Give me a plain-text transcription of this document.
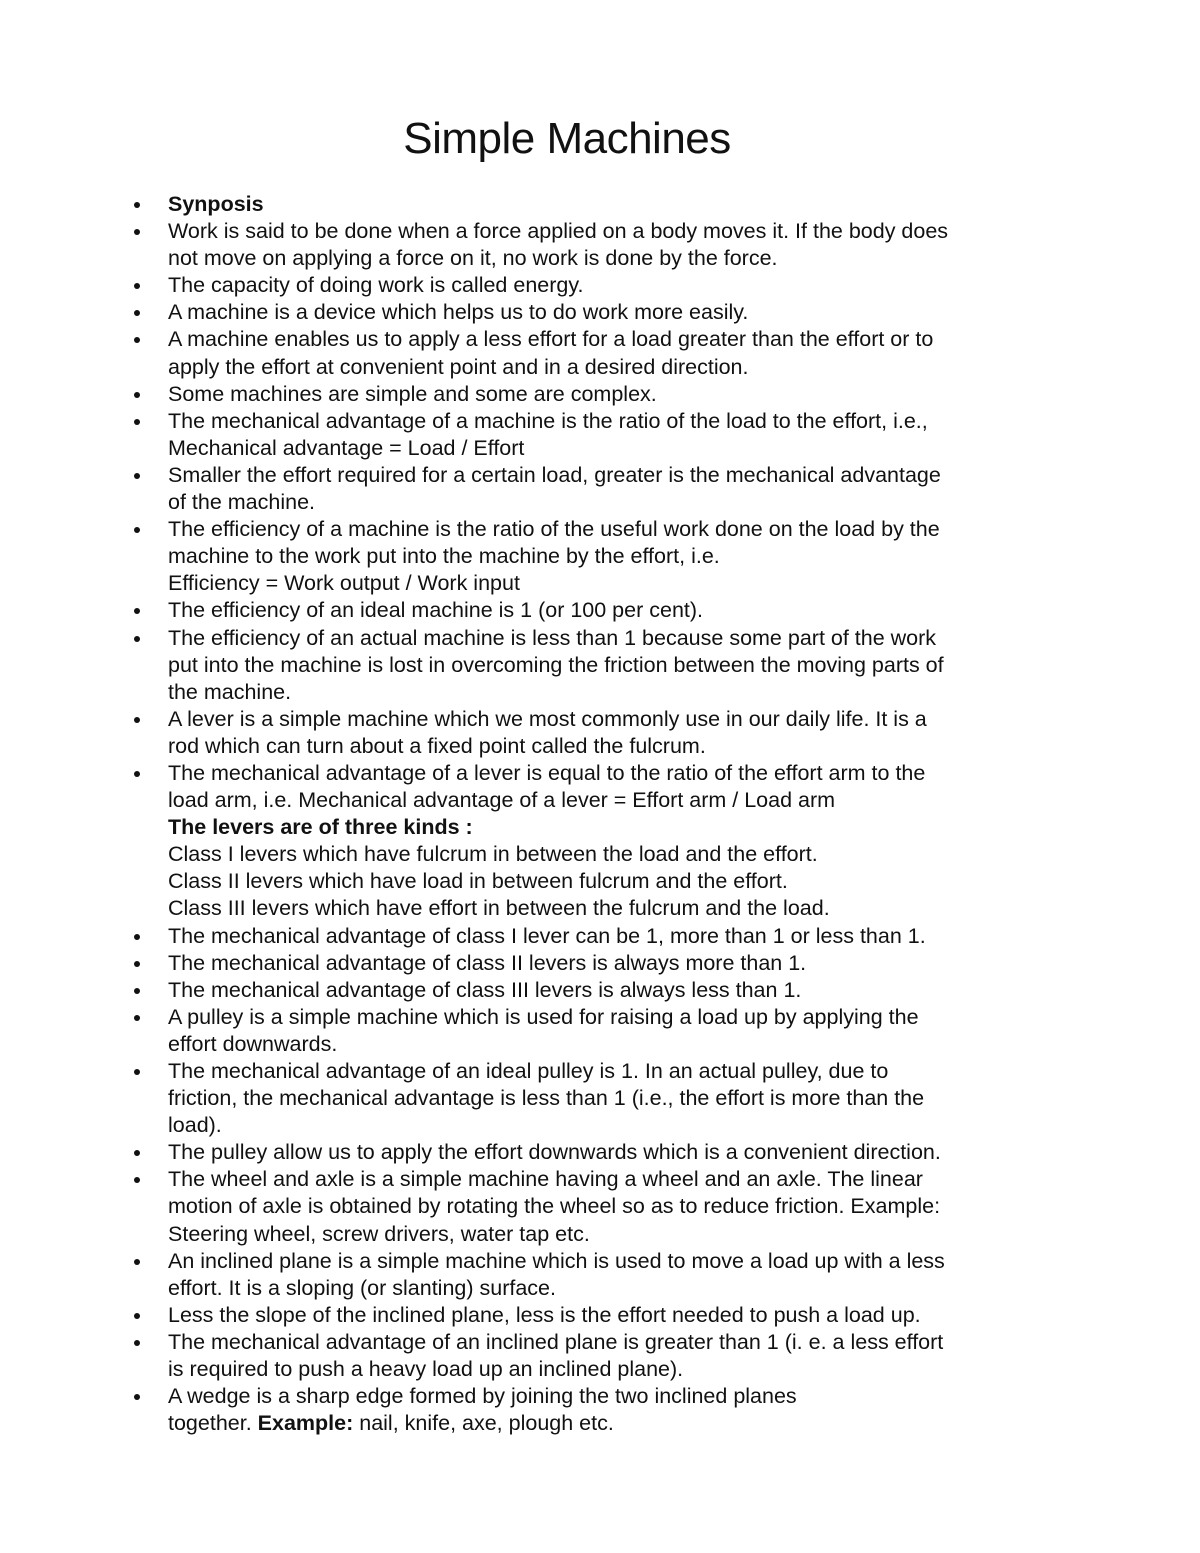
Simple Machines
Synposis
Work is said to be done when a force applied on a body moves it. If the body does
not move on applying a force on it, no work is done by the force.
The capacity of doing work is called energy.
A machine is a device which helps us to do work more easily.
A machine enables us to apply a less effort for a load greater than the effort or to
apply the effort at convenient point and in a desired direction.
Some machines are simple and some are complex.
The mechanical advantage of a machine is the ratio of the load to the effort, i.e.,
Mechanical advantage = Load / Effort
Smaller the effort required for a certain load, greater is the mechanical advantage
of the machine.
The efficiency of a machine is the ratio of the useful work done on the load by the
machine to the work put into the machine by the effort, i.e.
Efficiency = Work output / Work input
The efficiency of an ideal machine is 1 (or 100 per cent).
The efficiency of an actual machine is less than 1 because some part of the work
put into the machine is lost in overcoming the friction between the moving parts of
the machine.
A lever is a simple machine which we most commonly use in our daily life. It is a
rod which can turn about a fixed point called the fulcrum.
The mechanical advantage of a lever is equal to the ratio of the effort arm to the
load arm, i.e. Mechanical advantage of a lever = Effort arm / Load arm
The levers are of three kinds :
Class I levers which have fulcrum in between the load and the effort.
Class II levers which have load in between fulcrum and the effort.
Class III levers which have effort in between the fulcrum and the load.
The mechanical advantage of class I lever can be 1, more than 1 or less than 1.
The mechanical advantage of class II levers is always more than 1.
The mechanical advantage of class III levers is always less than 1.
A pulley is a simple machine which is used for raising a load up by applying the
effort downwards.
The mechanical advantage of an ideal pulley is 1. In an actual pulley, due to
friction, the mechanical advantage is less than 1 (i.e., the effort is more than the
load).
The pulley allow us to apply the effort downwards which is a convenient direction.
The wheel and axle is a simple machine having a wheel and an axle. The linear
motion of axle is obtained by rotating the wheel so as to reduce friction. Example:
Steering wheel, screw drivers, water tap etc.
An inclined plane is a simple machine which is used to move a load up with a less
effort. It is a sloping (or slanting) surface.
Less the slope of the inclined plane, less is the effort needed to push a load up.
The mechanical advantage of an inclined plane is greater than 1 (i. e. a less effort
is required to push a heavy load up an inclined plane).
A wedge is a sharp edge formed by joining the two inclined planes
together. Example: nail, knife, axe, plough etc.
